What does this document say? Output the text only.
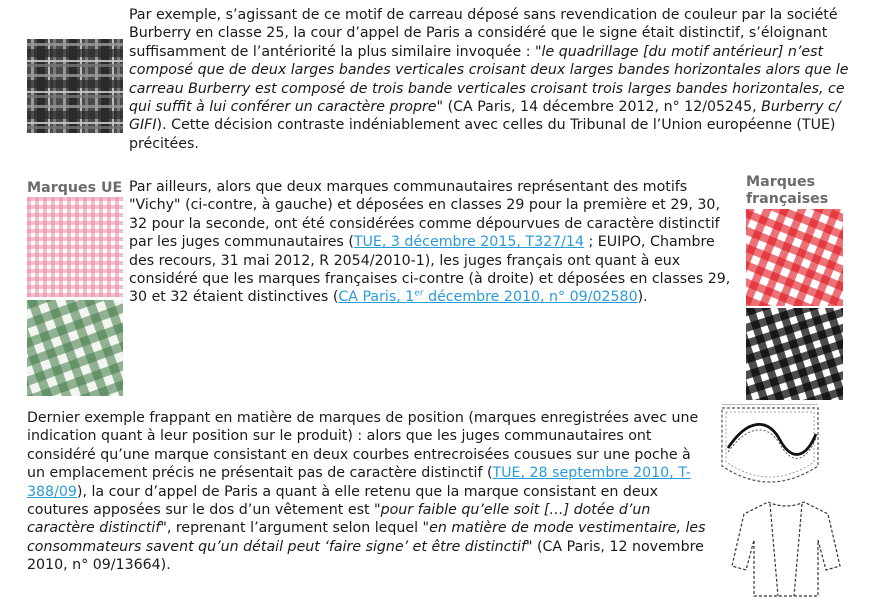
Par exemple, s’agissant de ce motif de carreau déposé sans revendication de couleur par la société Burberry en classe 25, la cour d’appel de Paris a considéré que le signe était distinctif, s’éloignant suffisamment de l’antériorité la plus similaire invoquée : "le quadrillage [du motif antérieur] n’est composé que de deux larges bandes verticales croisant deux larges bandes horizontales alors que le carreau Burberry est composé de trois bande verticales croisant trois larges bandes horizontales, ce qui suffit à lui conférer un caractère propre" (CA Paris, 14 décembre 2012, n° 12/05245, Burberry c/ GIFI). Cette décision contraste indéniablement avec celles du Tribunal de l’Union européenne (TUE) précitées.

Marques UE Par ailleurs, alors que deux marques communautaires représentant des motifs "Vichy" (ci-contre, à gauche) et déposées en classes 29 pour la première et 29, 30, 32 pour la seconde, ont été considérées comme dépourvues de caractère distinctif par les juges communautaires (TUE, 3 décembre 2015, T327/14 ; EUIPO, Chambre des recours, 31 mai 2012, R 2054/2010-1), les juges français ont quant à eux considéré que les marques françaises ci-contre (à droite) et déposées en classes 29, 30 et 32 étaient distinctives (CA Paris, 1er décembre 2010, n° 09/02580).

Marques
françaises

Dernier exemple frappant en matière de marques de position (marques enregistrées avec une indication quant à leur position sur le produit) : alors que les juges communautaires ont considéré qu’une marque consistant en deux courbes entrecroisées cousues sur une poche à un emplacement précis ne présentait pas de caractère distinctif (TUE, 28 septembre 2010, T-388/09), la cour d’appel de Paris a quant à elle retenu que la marque consistant en deux coutures apposées sur le dos d’un vêtement est "pour faible qu’elle soit […] dotée d’un caractère distinctif", reprenant l’argument selon lequel "en matière de mode vestimentaire, les consommateurs savent qu’un détail peut ‘faire signe’ et être distinctif" (CA Paris, 12 novembre 2010, n° 09/13664).
